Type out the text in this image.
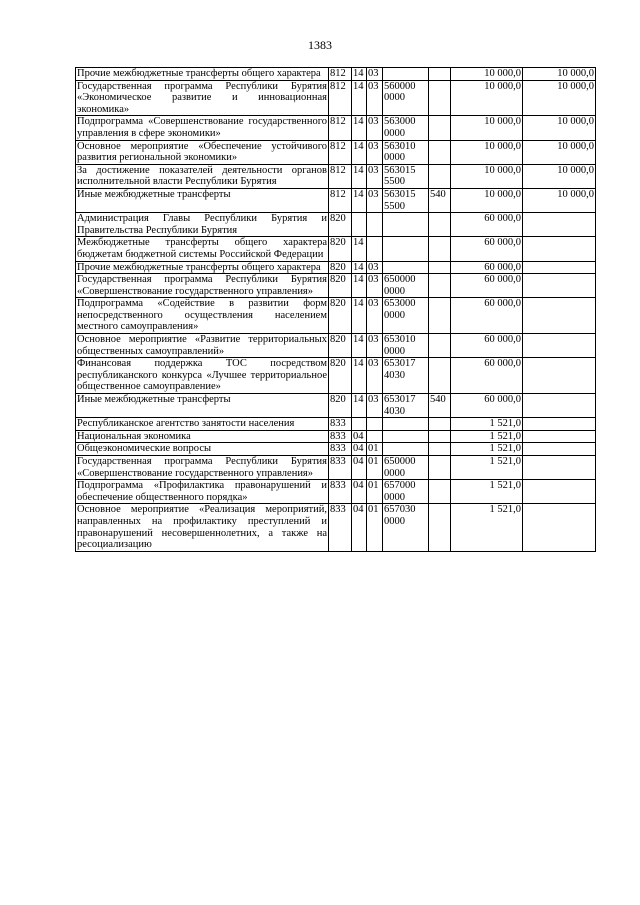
1383
Прочие межбюджетные трансферты общего характера	812	14	03			10 000,0	10 000,0
Государственная программа Республики Бурятия «Экономическое развитие и инновационная экономика»	812	14	03	560000 0000		10 000,0	10 000,0
Подпрограмма «Совершенствование государственного управления в сфере экономики»	812	14	03	563000 0000		10 000,0	10 000,0
Основное мероприятие «Обеспечение устойчивого развития региональной экономики»	812	14	03	563010 0000		10 000,0	10 000,0
За достижение показателей деятельности органов исполнительной власти Республики Бурятия	812	14	03	563015 5500		10 000,0	10 000,0
Иные межбюджетные трансферты	812	14	03	563015 5500	540	10 000,0	10 000,0
Администрация Главы Республики Бурятия и Правительства Республики Бурятия	820					60 000,0	
Межбюджетные трансферты общего характера бюджетам бюджетной системы Российской Федерации	820	14				60 000,0	
Прочие межбюджетные трансферты общего характера	820	14	03			60 000,0	
Государственная программа Республики Бурятия «Совершенствование государственного управления»	820	14	03	650000 0000		60 000,0	
Подпрограмма «Содействие в развитии форм непосредственного осуществления населением местного самоуправления»	820	14	03	653000 0000		60 000,0	
Основное мероприятие «Развитие территориальных общественных самоуправлений»	820	14	03	653010 0000		60 000,0	
Финансовая поддержка ТОС посредством республиканского конкурса «Лучшее территориальное общественное самоуправление»	820	14	03	653017 4030		60 000,0	
Иные межбюджетные трансферты	820	14	03	653017 4030	540	60 000,0	
Республиканское агентство занятости населения	833					1 521,0	
Национальная экономика	833	04				1 521,0	
Общеэкономические вопросы	833	04	01			1 521,0	
Государственная программа Республики Бурятия «Совершенствование государственного управления»	833	04	01	650000 0000		1 521,0	
Подпрограмма «Профилактика правонарушений и обеспечение общественного порядка»	833	04	01	657000 0000		1 521,0	
Основное мероприятие «Реализация мероприятий, направленных на профилактику преступлений и правонарушений несовершеннолетних, а также на ресоциализацию	833	04	01	657030 0000		1 521,0	
